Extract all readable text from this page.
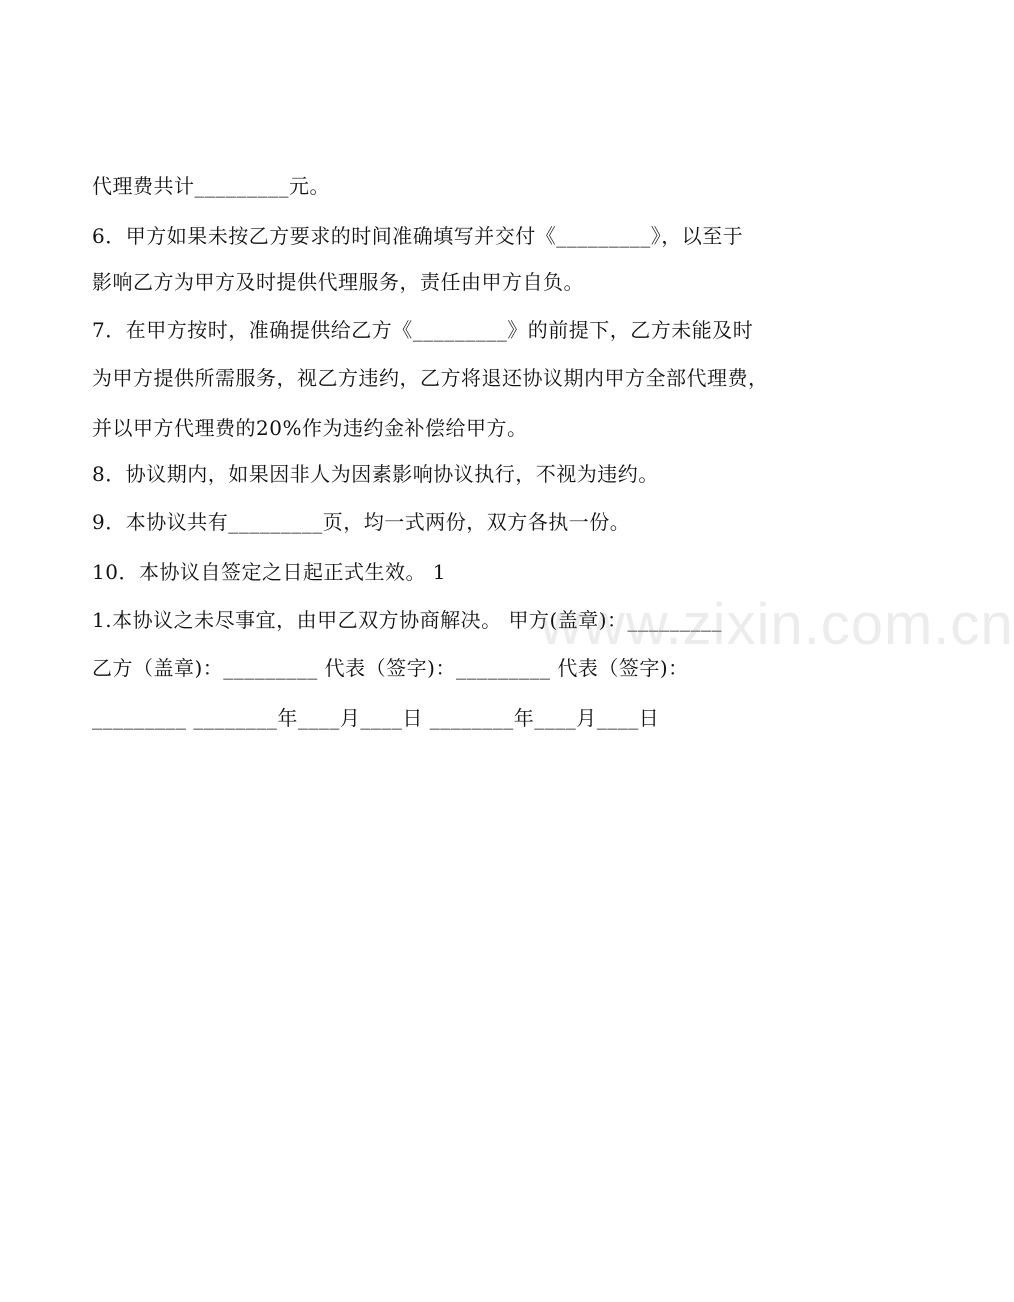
代理费共计_________元。
6．甲方如果未按乙方要求的时间准确填写并交付《_________》，以至于
影响乙方为甲方及时提供代理服务，责任由甲方自负。
7．在甲方按时，准确提供给乙方《_________》的前提下，乙方未能及时
为甲方提供所需服务，视乙方违约，乙方将退还协议期内甲方全部代理费，
并以甲方代理费的20%作为违约金补偿给甲方。
8．协议期内，如果因非人为因素影响协议执行，不视为违约。
9．本协议共有_________页，均一式两份，双方各执一份。
10．本协议自签定之日起正式生效。 1
1.本协议之未尽事宜，由甲乙双方协商解决。 甲方(盖章)：_________
乙方（盖章)：_________ 代表（签字)：_________ 代表（签字)：
_________ ________年____月____日 ________年____月____日
www.zixin.com.cn
